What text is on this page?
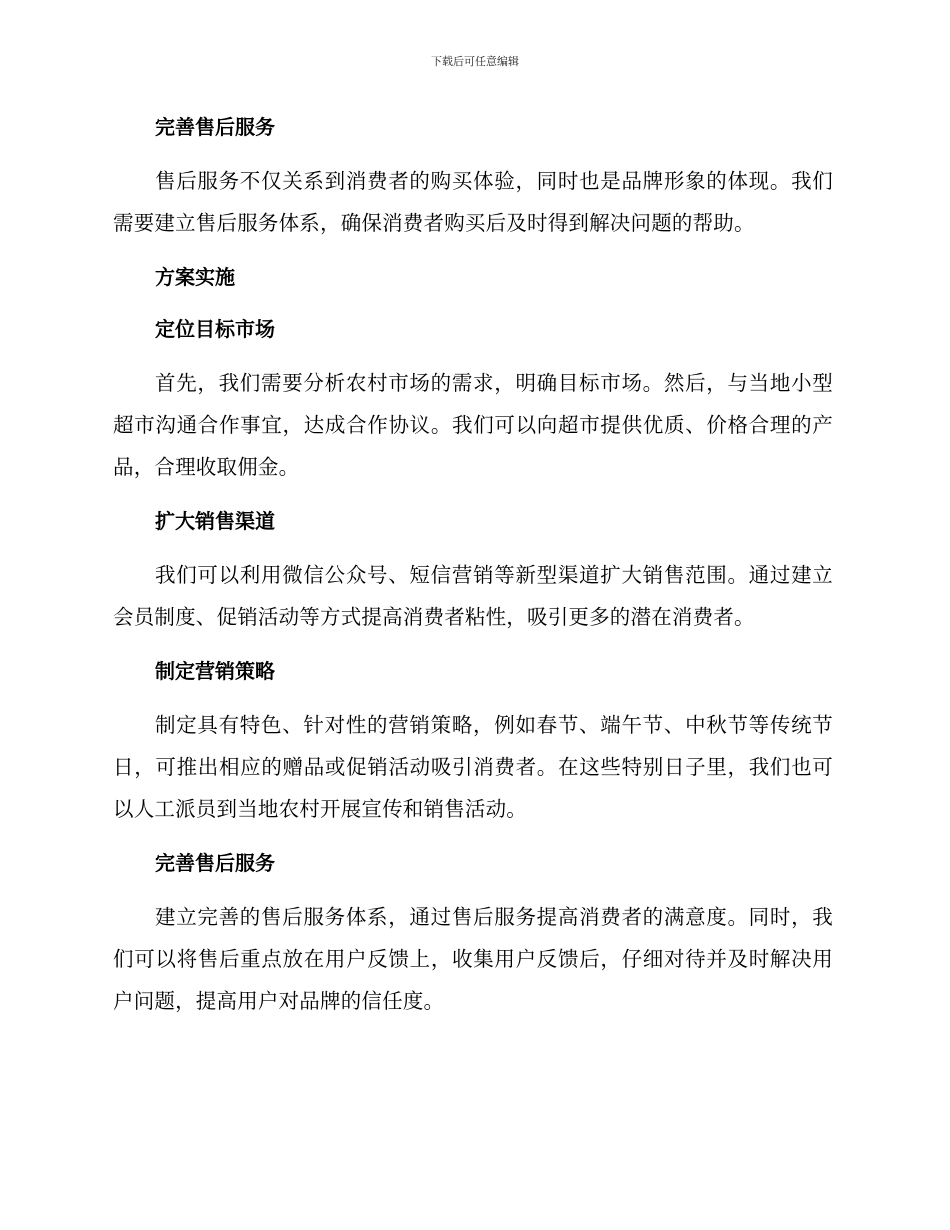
下载后可任意编辑
完善售后服务

售后服务不仅关系到消费者的购买体验，同时也是品牌形象的体现。我们需要建立售后服务体系，确保消费者购买后及时得到解决问题的帮助。

方案实施
定位目标市场

首先，我们需要分析农村市场的需求，明确目标市场。然后，与当地小型超市沟通合作事宜，达成合作协议。我们可以向超市提供优质、价格合理的产品，合理收取佣金。

扩大销售渠道

我们可以利用微信公众号、短信营销等新型渠道扩大销售范围。通过建立会员制度、促销活动等方式提高消费者粘性，吸引更多的潜在消费者。

制定营销策略

制定具有特色、针对性的营销策略，例如春节、端午节、中秋节等传统节日，可推出相应的赠品或促销活动吸引消费者。在这些特别日子里，我们也可以人工派员到当地农村开展宣传和销售活动。

完善售后服务

建立完善的售后服务体系，通过售后服务提高消费者的满意度。同时，我们可以将售后重点放在用户反馈上，收集用户反馈后，仔细对待并及时解决用户问题，提高用户对品牌的信任度。
